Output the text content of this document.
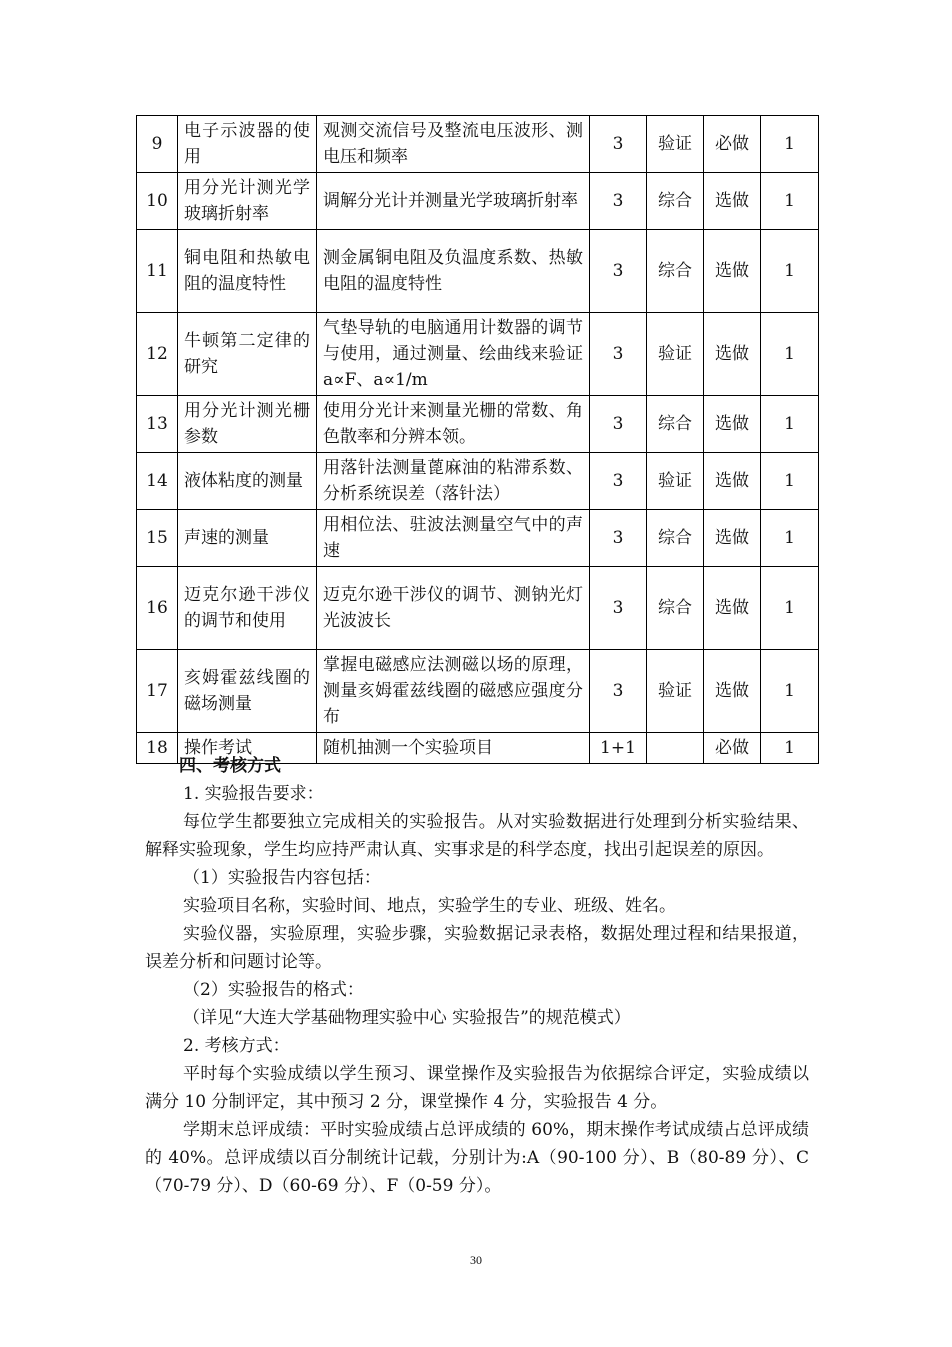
9	电子示波器的使用	观测交流信号及整流电压波形、测电压和频率	3	验证	必做	1
10	用分光计测光学玻璃折射率	调解分光计并测量光学玻璃折射率	3	综合	选做	1
11	铜电阻和热敏电阻的温度特性	测金属铜电阻及负温度系数、热敏电阻的温度特性	3	综合	选做	1
12	牛顿第二定律的研究	气垫导轨的电脑通用计数器的调节与使用，通过测量、绘曲线来验证 a∝F、a∝1/m	3	验证	选做	1
13	用分光计测光栅参数	使用分光计来测量光栅的常数、角色散率和分辨本领。	3	综合	选做	1
14	液体粘度的测量	用落针法测量蓖麻油的粘滞系数、分析系统误差（落针法）	3	验证	选做	1
15	声速的测量	用相位法、驻波法测量空气中的声速	3	综合	选做	1
16	迈克尔逊干涉仪的调节和使用	迈克尔逊干涉仪的调节、测钠光灯光波波长	3	综合	选做	1
17	亥姆霍兹线圈的磁场测量	掌握电磁感应法测磁以场的原理，测量亥姆霍兹线圈的磁感应强度分布	3	验证	选做	1
18	操作考试	随机抽测一个实验项目	1+1		必做	1

四、考核方式

1. 实验报告要求：

每位学生都要独立完成相关的实验报告。从对实验数据进行处理到分析实验结果、解释实验现象，学生均应持严肃认真、实事求是的科学态度，找出引起误差的原因。

（1）实验报告内容包括：

实验项目名称，实验时间、地点，实验学生的专业、班级、姓名。

实验仪器，实验原理，实验步骤，实验数据记录表格，数据处理过程和结果报道，误差分析和问题讨论等。

（2）实验报告的格式：

（详见“大连大学基础物理实验中心 实验报告”的规范模式）

2. 考核方式：

平时每个实验成绩以学生预习、课堂操作及实验报告为依据综合评定，实验成绩以满分 10 分制评定，其中预习 2 分，课堂操作 4 分，实验报告 4 分。

学期末总评成绩：平时实验成绩占总评成绩的 60%，期末操作考试成绩占总评成绩的 40%。总评成绩以百分制统计记载，分别计为:A（90-100 分）、B（80-89 分）、C（70-79 分）、D（60-69 分）、F（0-59 分）。

30
